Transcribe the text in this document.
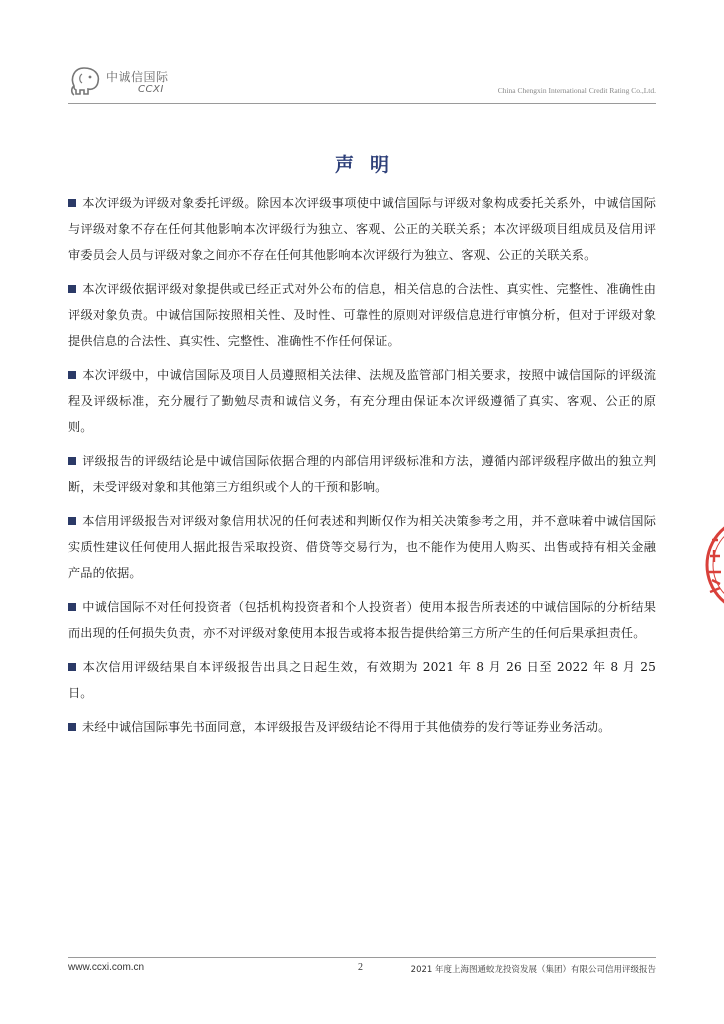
中诚信国际
CCXI	China Chengxin International Credit Rating Co.,Ltd.
声明

本次评级为评级对象委托评级。除因本次评级事项使中诚信国际与评级对象构成委托关系外，中诚信国际与评级对象不存在任何其他影响本次评级行为独立、客观、公正的关联关系；本次评级项目组成员及信用评审委员会人员与评级对象之间亦不存在任何其他影响本次评级行为独立、客观、公正的关联关系。

本次评级依据评级对象提供或已经正式对外公布的信息，相关信息的合法性、真实性、完整性、准确性由评级对象负责。中诚信国际按照相关性、及时性、可靠性的原则对评级信息进行审慎分析，但对于评级对象提供信息的合法性、真实性、完整性、准确性不作任何保证。

本次评级中，中诚信国际及项目人员遵照相关法律、法规及监管部门相关要求，按照中诚信国际的评级流程及评级标准，充分履行了勤勉尽责和诚信义务，有充分理由保证本次评级遵循了真实、客观、公正的原则。

评级报告的评级结论是中诚信国际依据合理的内部信用评级标准和方法，遵循内部评级程序做出的独立判断，未受评级对象和其他第三方组织或个人的干预和影响。

本信用评级报告对评级对象信用状况的任何表述和判断仅作为相关决策参考之用，并不意味着中诚信国际实质性建议任何使用人据此报告采取投资、借贷等交易行为，也不能作为使用人购买、出售或持有相关金融产品的依据。

中诚信国际不对任何投资者（包括机构投资者和个人投资者）使用本报告所表述的中诚信国际的分析结果而出现的任何损失负责，亦不对评级对象使用本报告或将本报告提供给第三方所产生的任何后果承担责任。

本次信用评级结果自本评级报告出具之日起生效，有效期为 2021 年 8 月 26 日至 2022 年 8 月 25 日。

未经中诚信国际事先书面同意，本评级报告及评级结论不得用于其他债券的发行等证券业务活动。

www.ccxi.com.cn	2	2021 年度上海图通蛟龙投资发展（集团）有限公司信用评级报告
